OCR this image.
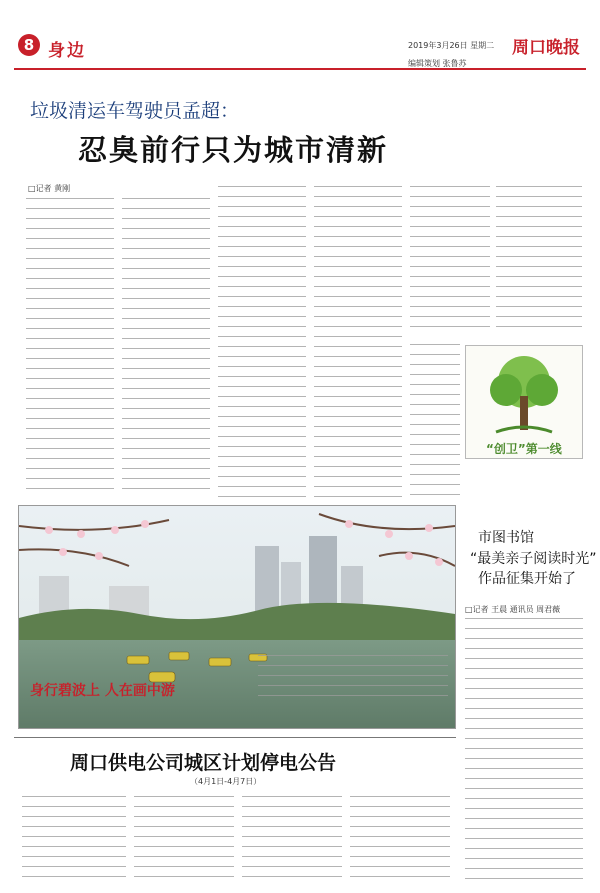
8 身边	2019年3月26日 星期二 周口晚报
编辑策划 张鲁苏
垃圾清运车驾驶员孟超：
忍臭前行只为城市清新
□记者 黄刚
“创卫”第一线
市图书馆
“最美亲子阅读时光”
作品征集开始了
□记者 王晨 通讯员 周君薇
身行碧波上 人在画中游
周口供电公司城区计划停电公告
（4月1日-4月7日）
